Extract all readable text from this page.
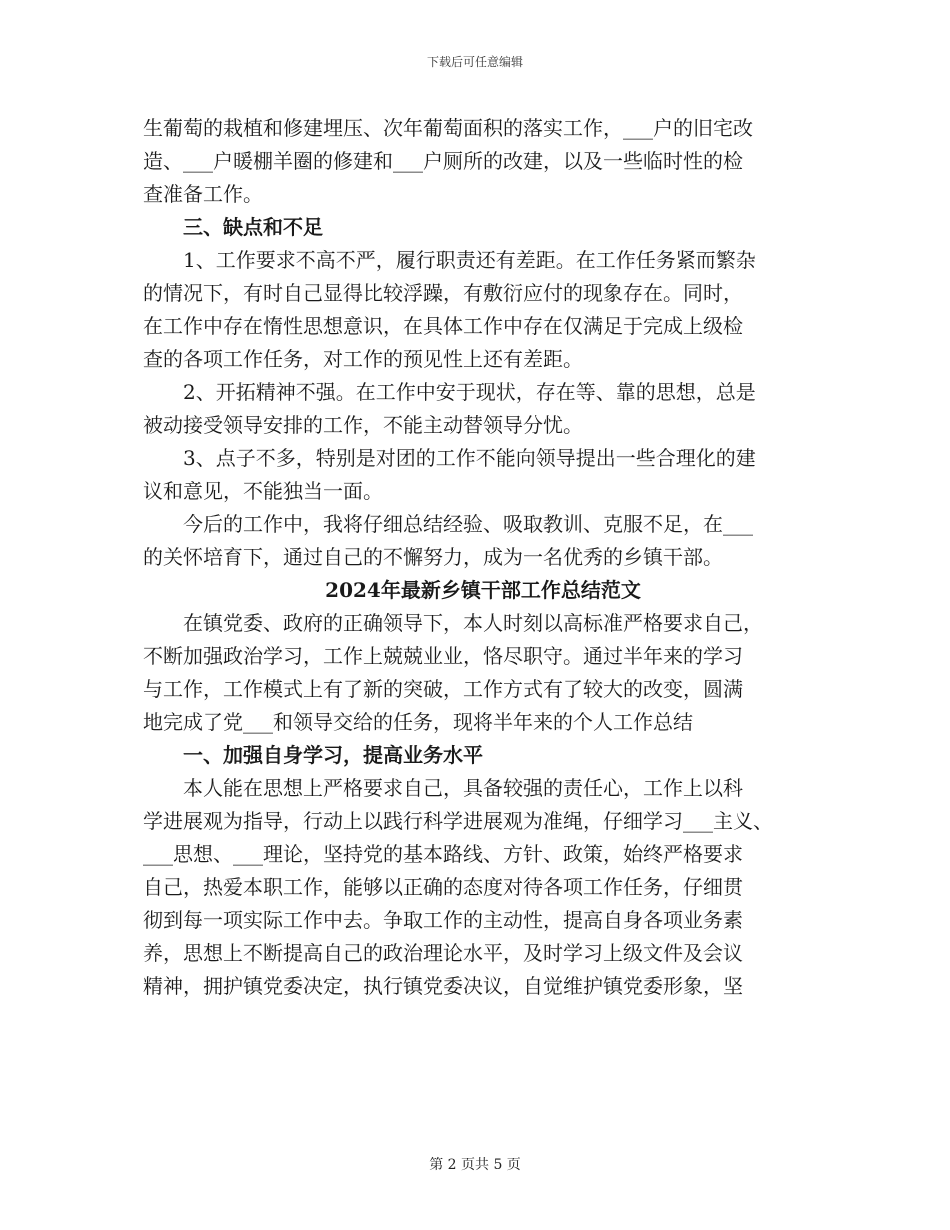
下载后可任意编辑
生葡萄的栽植和修建埋压、次年葡萄面积的落实工作，___户的旧宅改
造、___户暖棚羊圈的修建和___户厕所的改建，以及一些临时性的检
查准备工作。
三、缺点和不足
1、工作要求不高不严，履行职责还有差距。在工作任务紧而繁杂
的情况下，有时自己显得比较浮躁，有敷衍应付的现象存在。同时，
在工作中存在惰性思想意识，在具体工作中存在仅满足于完成上级检
查的各项工作任务，对工作的预见性上还有差距。
2、开拓精神不强。在工作中安于现状，存在等、靠的思想，总是
被动接受领导安排的工作，不能主动替领导分忧。
3、点子不多，特别是对团的工作不能向领导提出一些合理化的建
议和意见，不能独当一面。
今后的工作中，我将仔细总结经验、吸取教训、克服不足，在___
的关怀培育下，通过自己的不懈努力，成为一名优秀的乡镇干部。
2024年最新乡镇干部工作总结范文
在镇党委、政府的正确领导下，本人时刻以高标准严格要求自己，
不断加强政治学习，工作上兢兢业业，恪尽职守。通过半年来的学习
与工作，工作模式上有了新的突破，工作方式有了较大的改变，圆满
地完成了党___和领导交给的任务，现将半年来的个人工作总结
一、加强自身学习，提高业务水平
本人能在思想上严格要求自己，具备较强的责任心，工作上以科
学进展观为指导，行动上以践行科学进展观为准绳，仔细学习___主义、
___思想、___理论，坚持党的基本路线、方针、政策，始终严格要求
自己，热爱本职工作，能够以正确的态度对待各项工作任务，仔细贯
彻到每一项实际工作中去。争取工作的主动性，提高自身各项业务素
养，思想上不断提高自己的政治理论水平，及时学习上级文件及会议
精神，拥护镇党委决定，执行镇党委决议，自觉维护镇党委形象，坚
第 2 页共 5 页
